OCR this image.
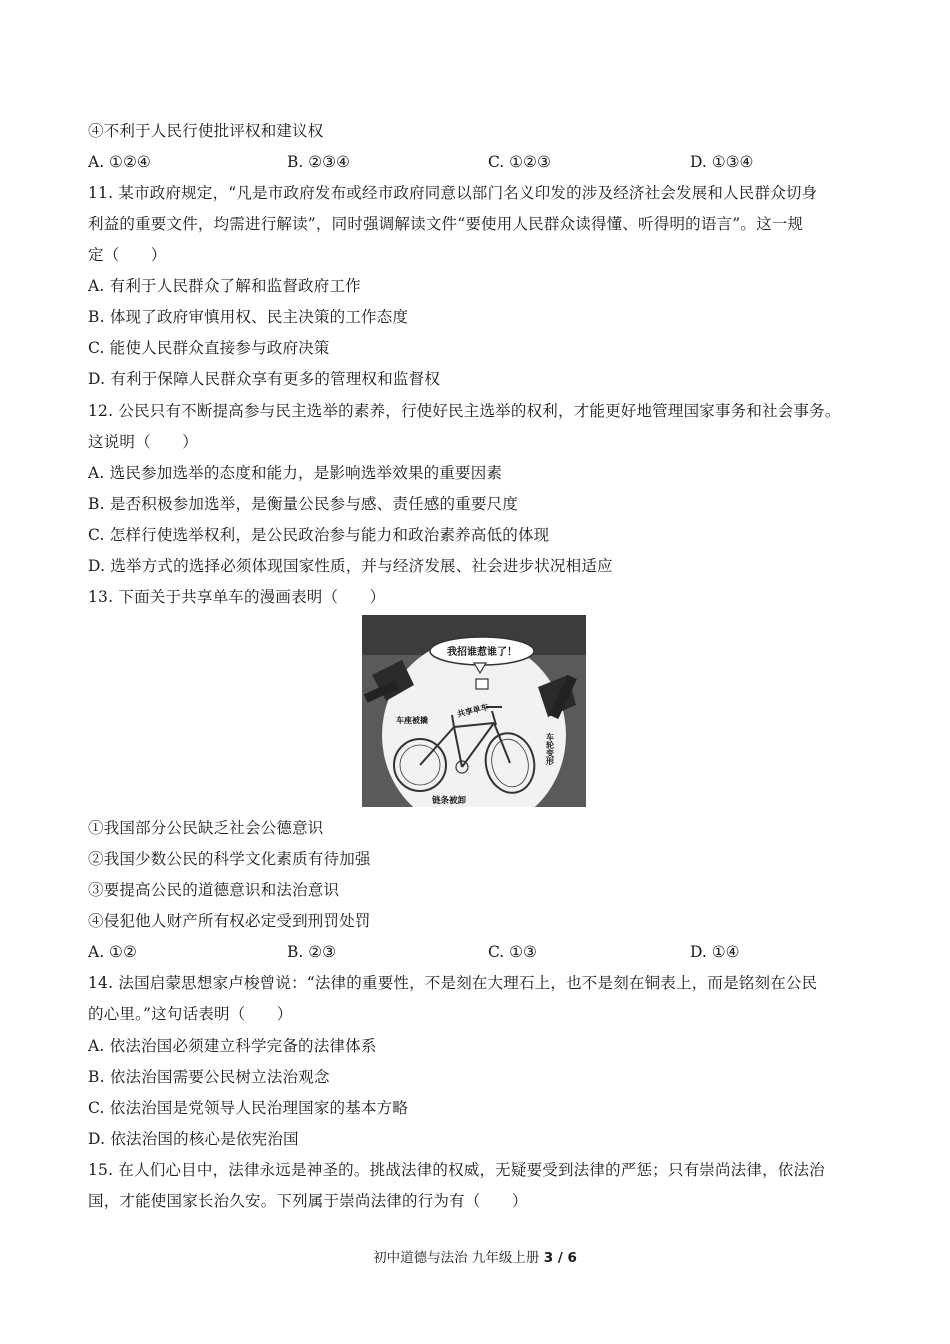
④不利于人民行使批评权和建议权
A. ①②④	B. ②③④	C. ①②③	D. ①③④
11. 某市政府规定，“凡是市政府发布或经市政府同意以部门名义印发的涉及经济社会发展和人民群众切身
利益的重要文件，均需进行解读”，同时强调解读文件“要使用人民群众读得懂、听得明的语言”。这一规
定（　　）
A. 有利于人民群众了解和监督政府工作
B. 体现了政府审慎用权、民主决策的工作态度
C. 能使人民群众直接参与政府决策
D. 有利于保障人民群众享有更多的管理权和监督权
12. 公民只有不断提高参与民主选举的素养，行使好民主选举的权利，才能更好地管理国家事务和社会事务。
这说明（　　）
A. 选民参加选举的态度和能力，是影响选举效果的重要因素
B. 是否积极参加选举，是衡量公民参与感、责任感的重要尺度
C. 怎样行使选举权利，是公民政治参与能力和政治素养高低的体现
D. 选举方式的选择必须体现国家性质，并与经济发展、社会进步状况相适应
13. 下面关于共享单车的漫画表明（　　）
我招谁惹谁了！
车座被撬
共享单车
车轮变形
链条被卸
①我国部分公民缺乏社会公德意识
②我国少数公民的科学文化素质有待加强
③要提高公民的道德意识和法治意识
④侵犯他人财产所有权必定受到刑罚处罚
A. ①②	B. ②③	C. ①③	D. ①④
14. 法国启蒙思想家卢梭曾说：“法律的重要性，不是刻在大理石上，也不是刻在铜表上，而是铭刻在公民
的心里。”这句话表明（　　）
A. 依法治国必须建立科学完备的法律体系
B. 依法治国需要公民树立法治观念
C. 依法治国是党领导人民治理国家的基本方略
D. 依法治国的核心是依宪治国
15. 在人们心目中，法律永远是神圣的。挑战法律的权威，无疑要受到法律的严惩；只有崇尚法律，依法治
国，才能使国家长治久安。下列属于崇尚法律的行为有（　　）
初中道德与法治 九年级上册 3 / 6
